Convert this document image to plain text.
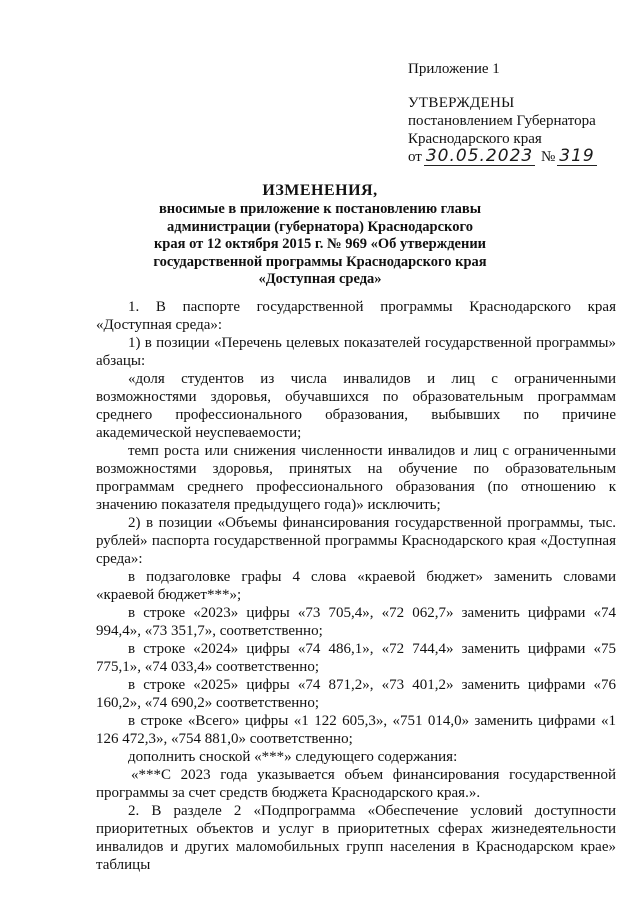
Приложение 1
УТВЕРЖДЕНЫ
постановлением Губернатора
Краснодарского края
от 30.05.2023 № 319
ИЗМЕНЕНИЯ,
вносимые в приложение к постановлению главы
администрации (губернатора) Краснодарского
края от 12 октября 2015 г. № 969 «Об утверждении
государственной программы Краснодарского края
«Доступная среда»

1. В паспорте государственной программы Краснодарского края «Доступная среда»:

1) в позиции «Перечень целевых показателей государственной программы» абзацы:

«доля студентов из числа инвалидов и лиц с ограниченными возможностями здоровья, обучавшихся по образовательным программам среднего профессионального образования, выбывших по причине академической неуспеваемости;

темп роста или снижения численности инвалидов и лиц с ограниченными возможностями здоровья, принятых на обучение по образовательным программам среднего профессионального образования (по отношению к значению показателя предыдущего года)» исключить;

2) в позиции «Объемы финансирования государственной программы, тыс. рублей» паспорта государственной программы Краснодарского края «Доступная среда»:

в подзаголовке графы 4 слова «краевой бюджет» заменить словами «краевой бюджет***»;

в строке «2023» цифры «73 705,4», «72 062,7» заменить цифрами «74 994,4», «73 351,7», соответственно;

в строке «2024» цифры «74 486,1», «72 744,4» заменить цифрами «75 775,1», «74 033,4» соответственно;

в строке «2025» цифры «74 871,2», «73 401,2» заменить цифрами «76 160,2», «74 690,2» соответственно;

в строке «Всего» цифры «1 122 605,3», «751 014,0» заменить цифрами «1 126 472,3», «754 881,0» соответственно;

дополнить сноской «***» следующего содержания:

«***С 2023 года указывается объем финансирования государственной программы за счет средств бюджета Краснодарского края.».

2. В разделе 2 «Подпрограмма «Обеспечение условий доступности приоритетных объектов и услуг в приоритетных сферах жизнедеятельности инвалидов и других маломобильных групп населения в Краснодарском крае» таблицы
